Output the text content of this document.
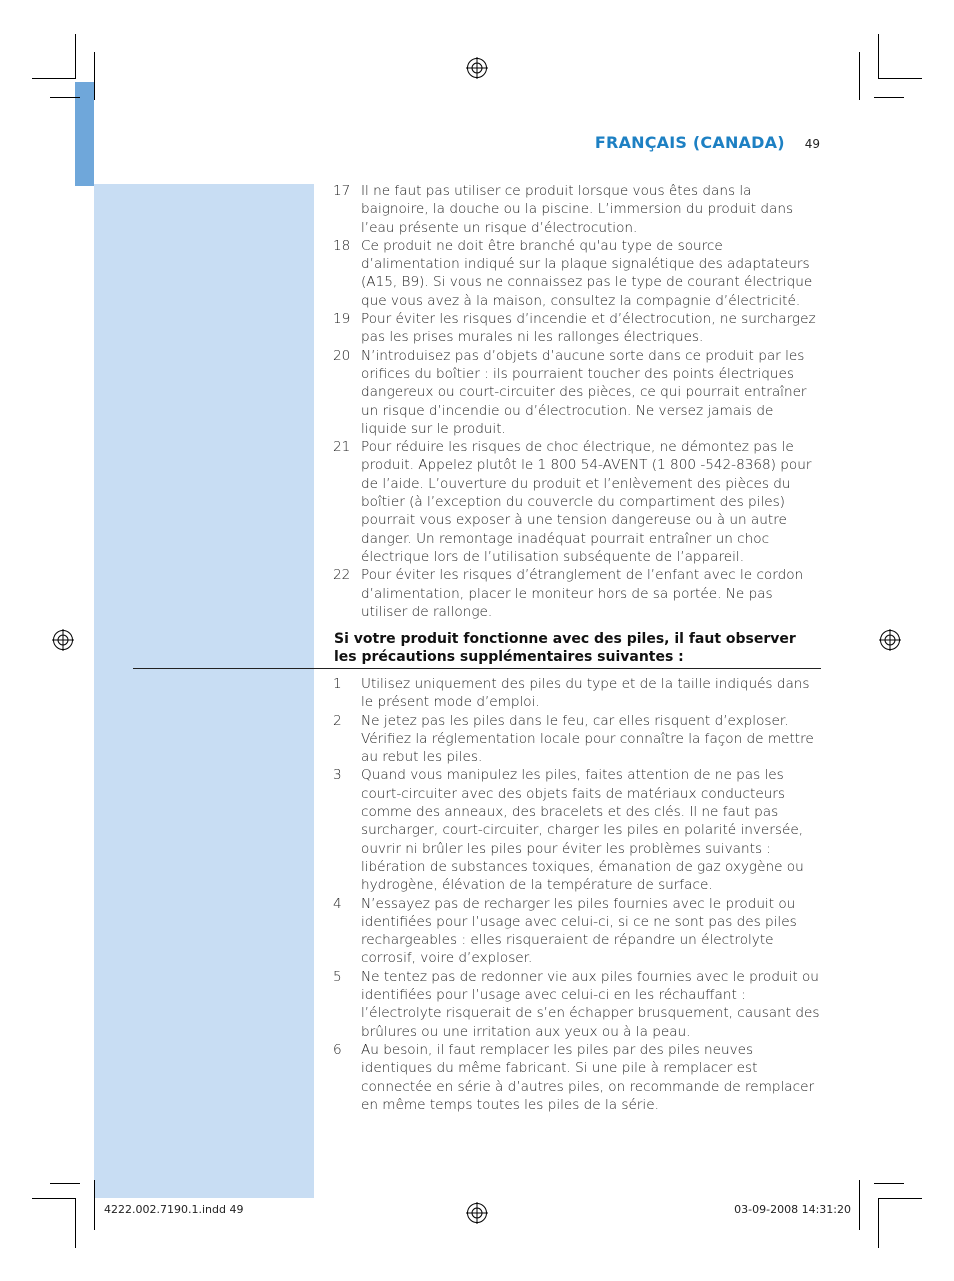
FRANÇAIS (CANADA) 49
17 Il ne faut pas utiliser ce produit lorsque vous êtes dans la baignoire, la douche ou la piscine. L’immersion du produit dans l’eau présente un risque d’électrocution.
18 Ce produit ne doit être branché qu'au type de source d’alimentation indiqué sur la plaque signalétique des adaptateurs (A15, B9). Si vous ne connaissez pas le type de courant électrique que vous avez à la maison, consultez la compagnie d’électricité.
19 Pour éviter les risques d’incendie et d’électrocution, ne surchargez pas les prises murales ni les rallonges électriques.
20 N’introduisez pas d’objets d’aucune sorte dans ce produit par les orifices du boîtier : ils pourraient toucher des points électriques dangereux ou court-circuiter des pièces, ce qui pourrait entraîner un risque d’incendie ou d’électrocution. Ne versez jamais de liquide sur le produit.
21 Pour réduire les risques de choc électrique, ne démontez pas le produit. Appelez plutôt le 1 800 54-AVENT (1 800 -542-8368) pour de l’aide. L’ouverture du produit et l’enlèvement des pièces du boîtier (à l’exception du couvercle du compartiment des piles) pourrait vous exposer à une tension dangereuse ou à un autre danger. Un remontage inadéquat pourrait entraîner un choc électrique lors de l’utilisation subséquente de l’appareil.
22 Pour éviter les risques d’étranglement de l’enfant avec le cordon d’alimentation, placer le moniteur hors de sa portée. Ne pas utiliser de rallonge.
Si votre produit fonctionne avec des piles, il faut observer les précautions supplémentaires suivantes :
1	Utilisez uniquement des piles du type et de la taille indiqués dans le présent mode d’emploi.
2	Ne jetez pas les piles dans le feu, car elles risquent d’exploser. Vérifiez la réglementation locale pour connaître la façon de mettre au rebut les piles.
3	Quand vous manipulez les piles, faites attention de ne pas les court-circuiter avec des objets faits de matériaux conducteurs comme des anneaux, des bracelets et des clés. Il ne faut pas surcharger, court-circuiter, charger les piles en polarité inversée, ouvrir ni brûler les piles pour éviter les problèmes suivants : libération de substances toxiques, émanation de gaz oxygène ou hydrogène, élévation de la température de surface.
4	N’essayez pas de recharger les piles fournies avec le produit ou identifiées pour l’usage avec celui-ci, si ce ne sont pas des piles rechargeables : elles risqueraient de répandre un électrolyte corrosif, voire d’exploser.
5	Ne tentez pas de redonner vie aux piles fournies avec le produit ou identifiées pour l’usage avec celui-ci en les réchauffant : l’électrolyte risquerait de s’en échapper brusquement, causant des brûlures ou une irritation aux yeux ou à la peau.
6	Au besoin, il faut remplacer les piles par des piles neuves identiques du même fabricant. Si une pile à remplacer est connectée en série à d’autres piles, on recommande de remplacer en même temps toutes les piles de la série.
4222.002.7190.1.indd 49	03-09-2008 14:31:20
